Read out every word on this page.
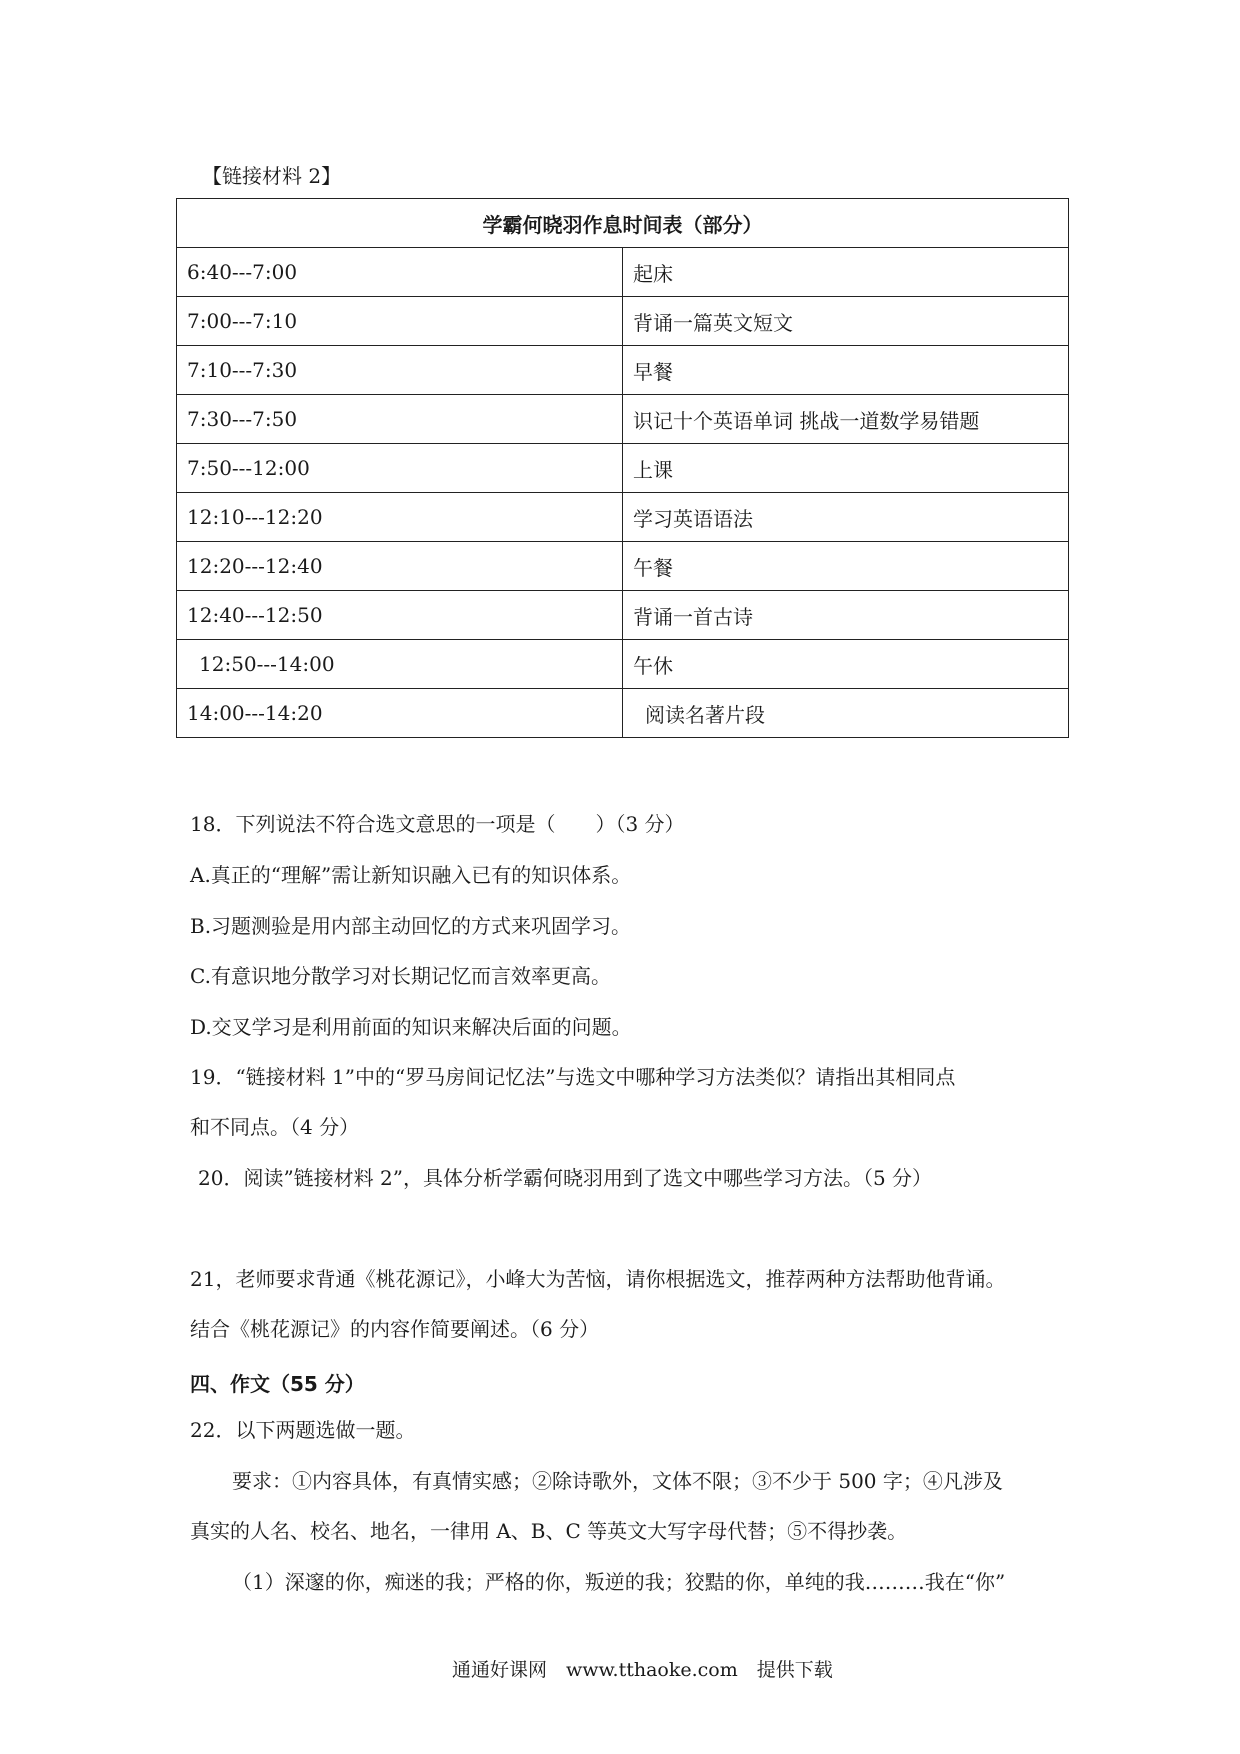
【链接材料 2】
学霸何晓羽作息时间表（部分）	
6:40---7:00	起床
7:00---7:10	背诵一篇英文短文
7:10---7:30	早餐
7:30---7:50	识记十个英语单词 挑战一道数学易错题
7:50---12:00	上课
12:10---12:20	学习英语语法
12:20---12:40	午餐
12:40---12:50	背诵一首古诗
12:50---14:00	午休
14:00---14:20	阅读名著片段
18．下列说法不符合选文意思的一项是（　　）（3 分）
A.真正的“理解”需让新知识融入已有的知识体系。
B.习题测验是用内部主动回忆的方式来巩固学习。
C.有意识地分散学习对长期记忆而言效率更高。
D.交叉学习是利用前面的知识来解决后面的问题。
19．“链接材料 1”中的“罗马房间记忆法”与选文中哪种学习方法类似？请指出其相同点
和不同点。（4 分）
20．阅读”链接材料 2”，具体分析学霸何晓羽用到了选文中哪些学习方法。（5 分）
21，老师要求背通《桃花源记》，小峰大为苦恼，请你根据选文，推荐两种方法帮助他背诵。
结合《桃花源记》的内容作简要阐述。（6 分）
四、作文（55 分）
22．以下两题选做一题。
要求：①内容具体，有真情实感；②除诗歌外，文体不限；③不少于 500 字；④凡涉及
真实的人名、校名、地名，一律用 A、B、C 等英文大写字母代替；⑤不得抄袭。
（1）深邃的你，痴迷的我；严格的你，叛逆的我；狡黠的你，单纯的我………我在“你”
通通好课网　www.tthaoke.com　提供下载
